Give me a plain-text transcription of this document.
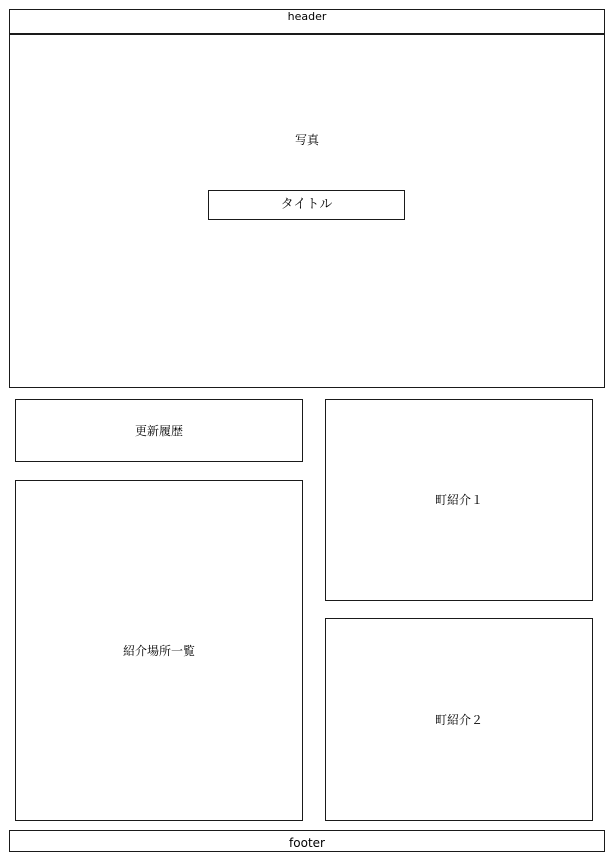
header
写真
タイトル
更新履歴
紹介場所一覧
町紹介１
町紹介２
footer
